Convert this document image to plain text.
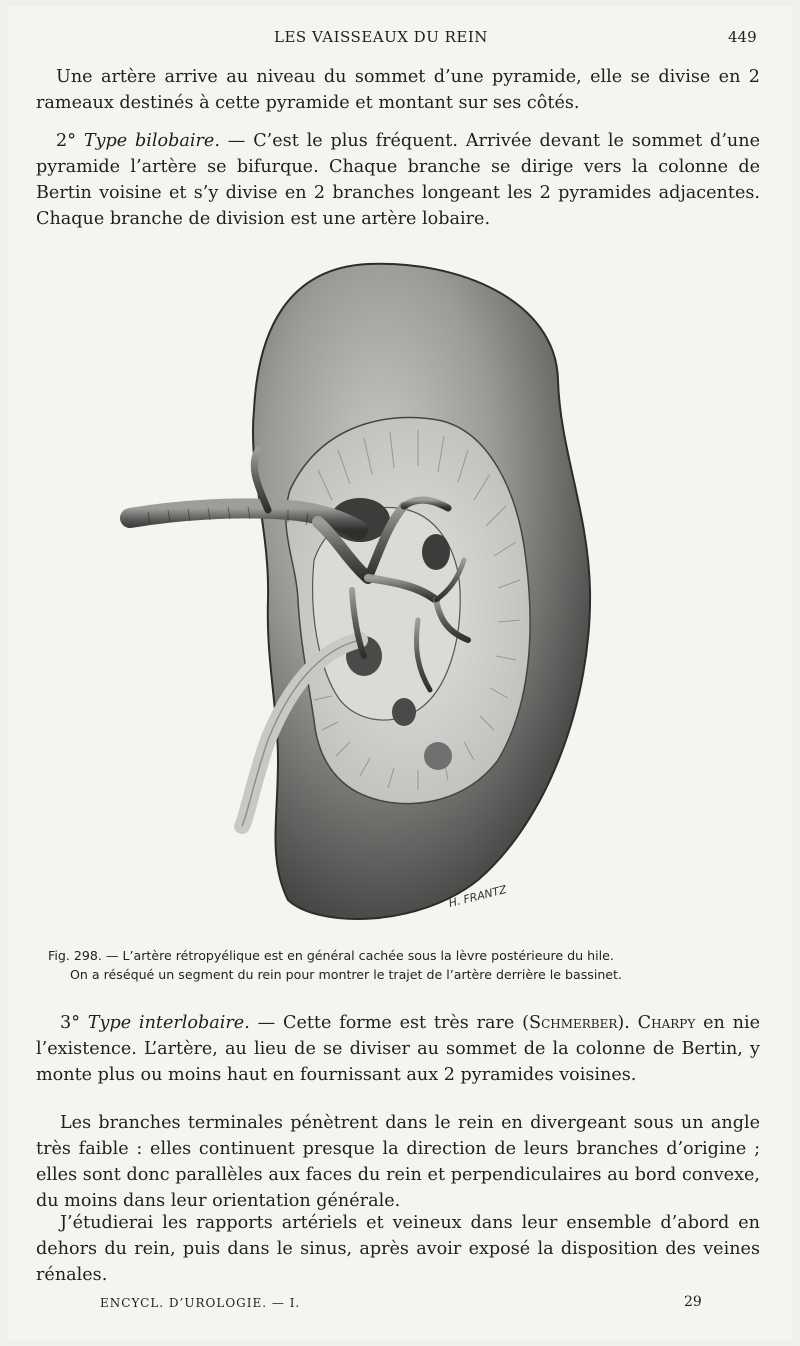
LES VAISSEAUX DU REIN	449

Une artère arrive au niveau du sommet d’une pyramide, elle se divise en 2 rameaux destinés à cette pyramide et montant sur ses côtés.

2° Type bilobaire. — C’est le plus fréquent. Arrivée devant le sommet d’une pyramide l’artère se bifurque. Chaque branche se dirige vers la colonne de Bertin voisine et s’y divise en 2 branches longeant les 2 pyramides adjacentes. Chaque branche de division est une artère lobaire.

H. FRANTZ
Fig. 298. — L’artère rétropyélique est en général cachée sous la lèvre postérieure du hile.
On a réséqué un segment du rein pour montrer le trajet de l’artère derrière le bassinet.

3° Type interlobaire. — Cette forme est très rare (Schmerber). Charpy en nie l’existence. L’artère, au lieu de se diviser au sommet de la colonne de Bertin, y monte plus ou moins haut en fournissant aux 2 pyramides voisines.

Les branches terminales pénètrent dans le rein en divergeant sous un angle très faible : elles continuent presque la direction de leurs branches d’origine ; elles sont donc parallèles aux faces du rein et perpendiculaires au bord convexe, du moins dans leur orientation générale.

J’étudierai les rapports artériels et veineux dans leur ensemble d’abord en dehors du rein, puis dans le sinus, après avoir exposé la disposition des veines rénales.

ENCYCL. D’UROLOGIE. — I.	29
